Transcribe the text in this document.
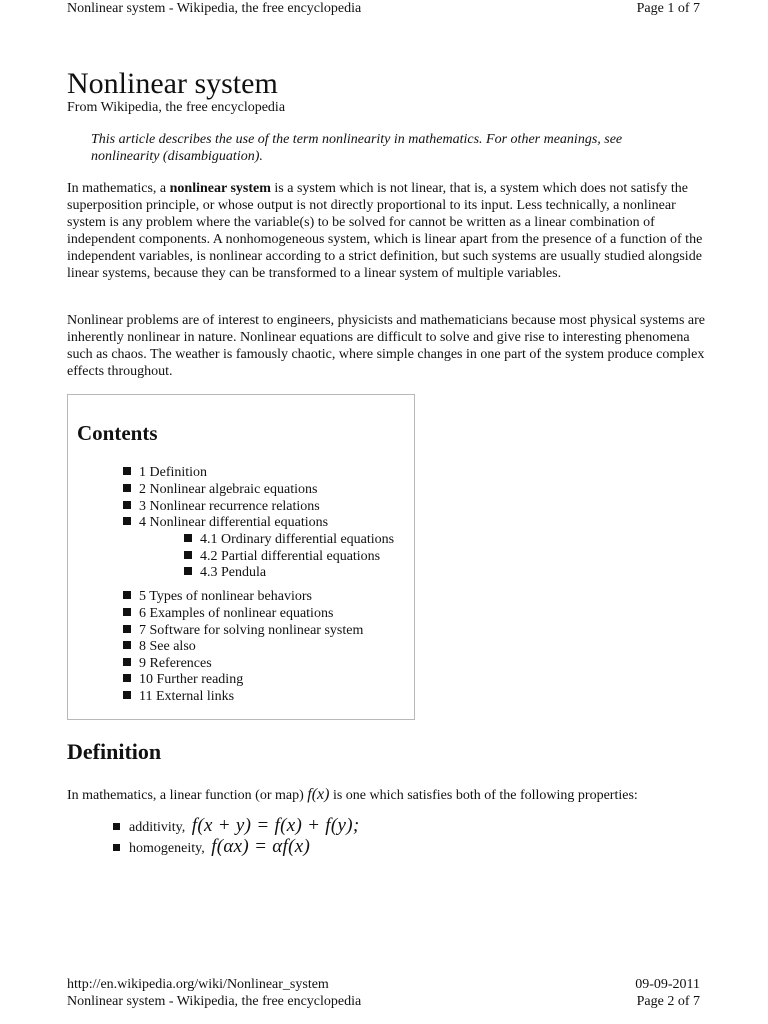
Nonlinear system - Wikipedia, the free encyclopedia	Page 1 of 7
Nonlinear system
From Wikipedia, the free encyclopedia
This article describes the use of the term nonlinearity in mathematics. For other meanings, see nonlinearity (disambiguation).

In mathematics, a nonlinear system is a system which is not linear, that is, a system which does not satisfy the superposition principle, or whose output is not directly proportional to its input. Less technically, a nonlinear system is any problem where the variable(s) to be solved for cannot be written as a linear combination of independent components. A nonhomogeneous system, which is linear apart from the presence of a function of the independent variables, is nonlinear according to a strict definition, but such systems are usually studied alongside linear systems, because they can be transformed to a linear system of multiple variables.

Nonlinear problems are of interest to engineers, physicists and mathematicians because most physical systems are inherently nonlinear in nature. Nonlinear equations are difficult to solve and give rise to interesting phenomena such as chaos. The weather is famously chaotic, where simple changes in one part of the system produce complex effects throughout.

Contents
1 Definition
2 Nonlinear algebraic equations
3 Nonlinear recurrence relations
4 Nonlinear differential equations
4.1 Ordinary differential equations
4.2 Partial differential equations
4.3 Pendula
5 Types of nonlinear behaviors
6 Examples of nonlinear equations
7 Software for solving nonlinear system
8 See also
9 References
10 Further reading
11 External links
Definition
In mathematics, a linear function (or map) f(x) is one which satisfies both of the following properties:
additivity, f(x + y) = f(x) + f(y);
homogeneity, f(αx) = αf(x)
http://en.wikipedia.org/wiki/Nonlinear_system	09-09-2011
Nonlinear system - Wikipedia, the free encyclopedia	Page 2 of 7
